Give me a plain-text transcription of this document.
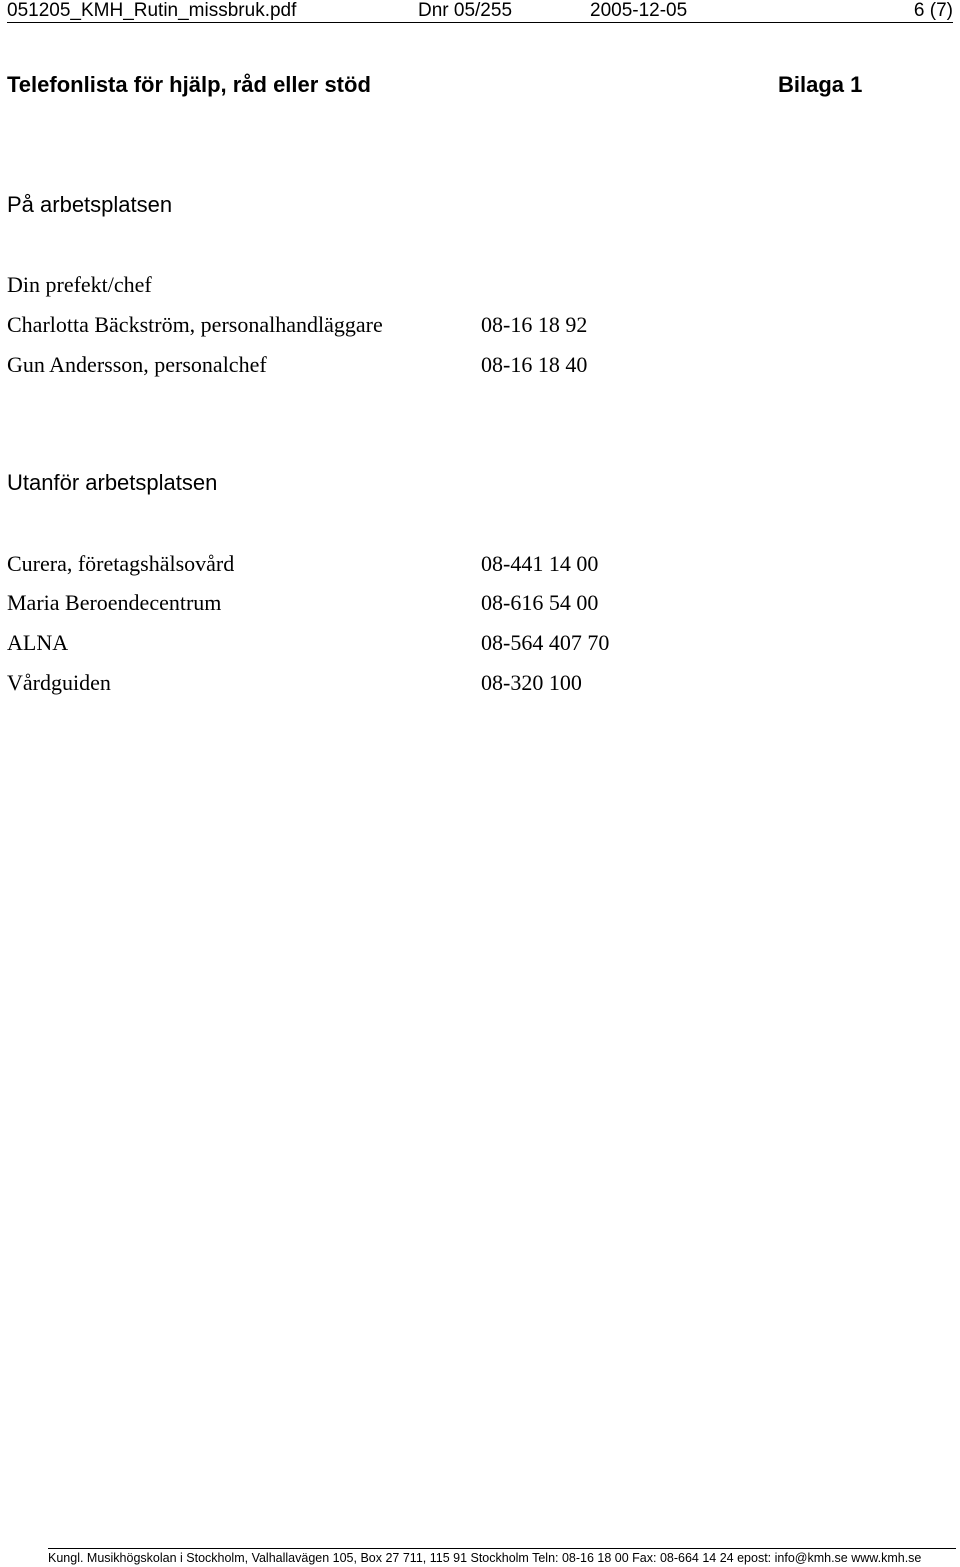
051205_KMH_Rutin_missbruk.pdf	Dnr 05/255	2005-12-05	6 (7)
Telefonlista för hjälp, råd eller stöd	Bilaga 1
På arbetsplatsen
Din prefekt/chef
Charlotta Bäckström, personalhandläggare	08-16 18 92
Gun Andersson, personalchef	08-16 18 40
Utanför arbetsplatsen
Curera, företagshälsovård	08-441 14 00
Maria Beroendecentrum	08-616 54 00
ALNA	08-564 407 70
Vårdguiden	08-320 100
Kungl. Musikhögskolan i Stockholm, Valhallavägen 105, Box 27 711, 115 91 Stockholm Teln: 08-16 18 00 Fax: 08-664 14 24 epost: info@kmh.se www.kmh.se
